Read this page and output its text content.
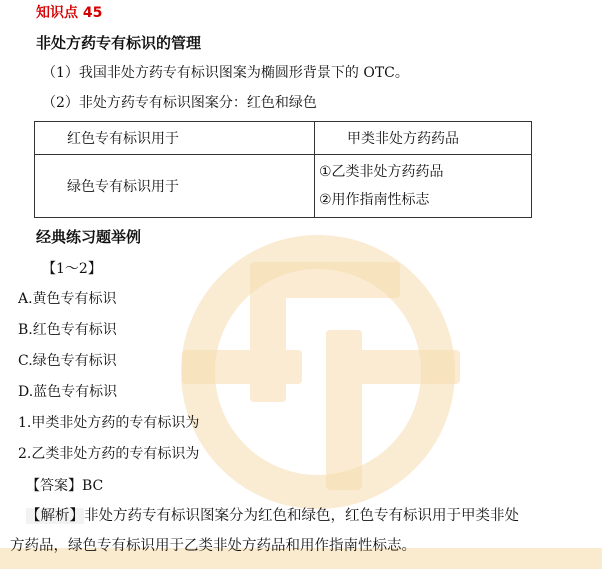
知识点 45
非处方药专有标识的管理
（1）我国非处方药专有标识图案为椭圆形背景下的 OTC。
（2）非处方药专有标识图案分：红色和绿色
红色专有标识用于	甲类非处方药药品
绿色专有标识用于	①乙类非处方药药品
②用作指南性标志
经典练习题举例
【1～2】
A.黄色专有标识
B.红色专有标识
C.绿色专有标识
D.蓝色专有标识
1.甲类非处方药的专有标识为
2.乙类非处方药的专有标识为
【答案】BC
【解析】非处方药专有标识图案分为红色和绿色，红色专有标识用于甲类非处
方药品，绿色专有标识用于乙类非处方药品和用作指南性标志。
